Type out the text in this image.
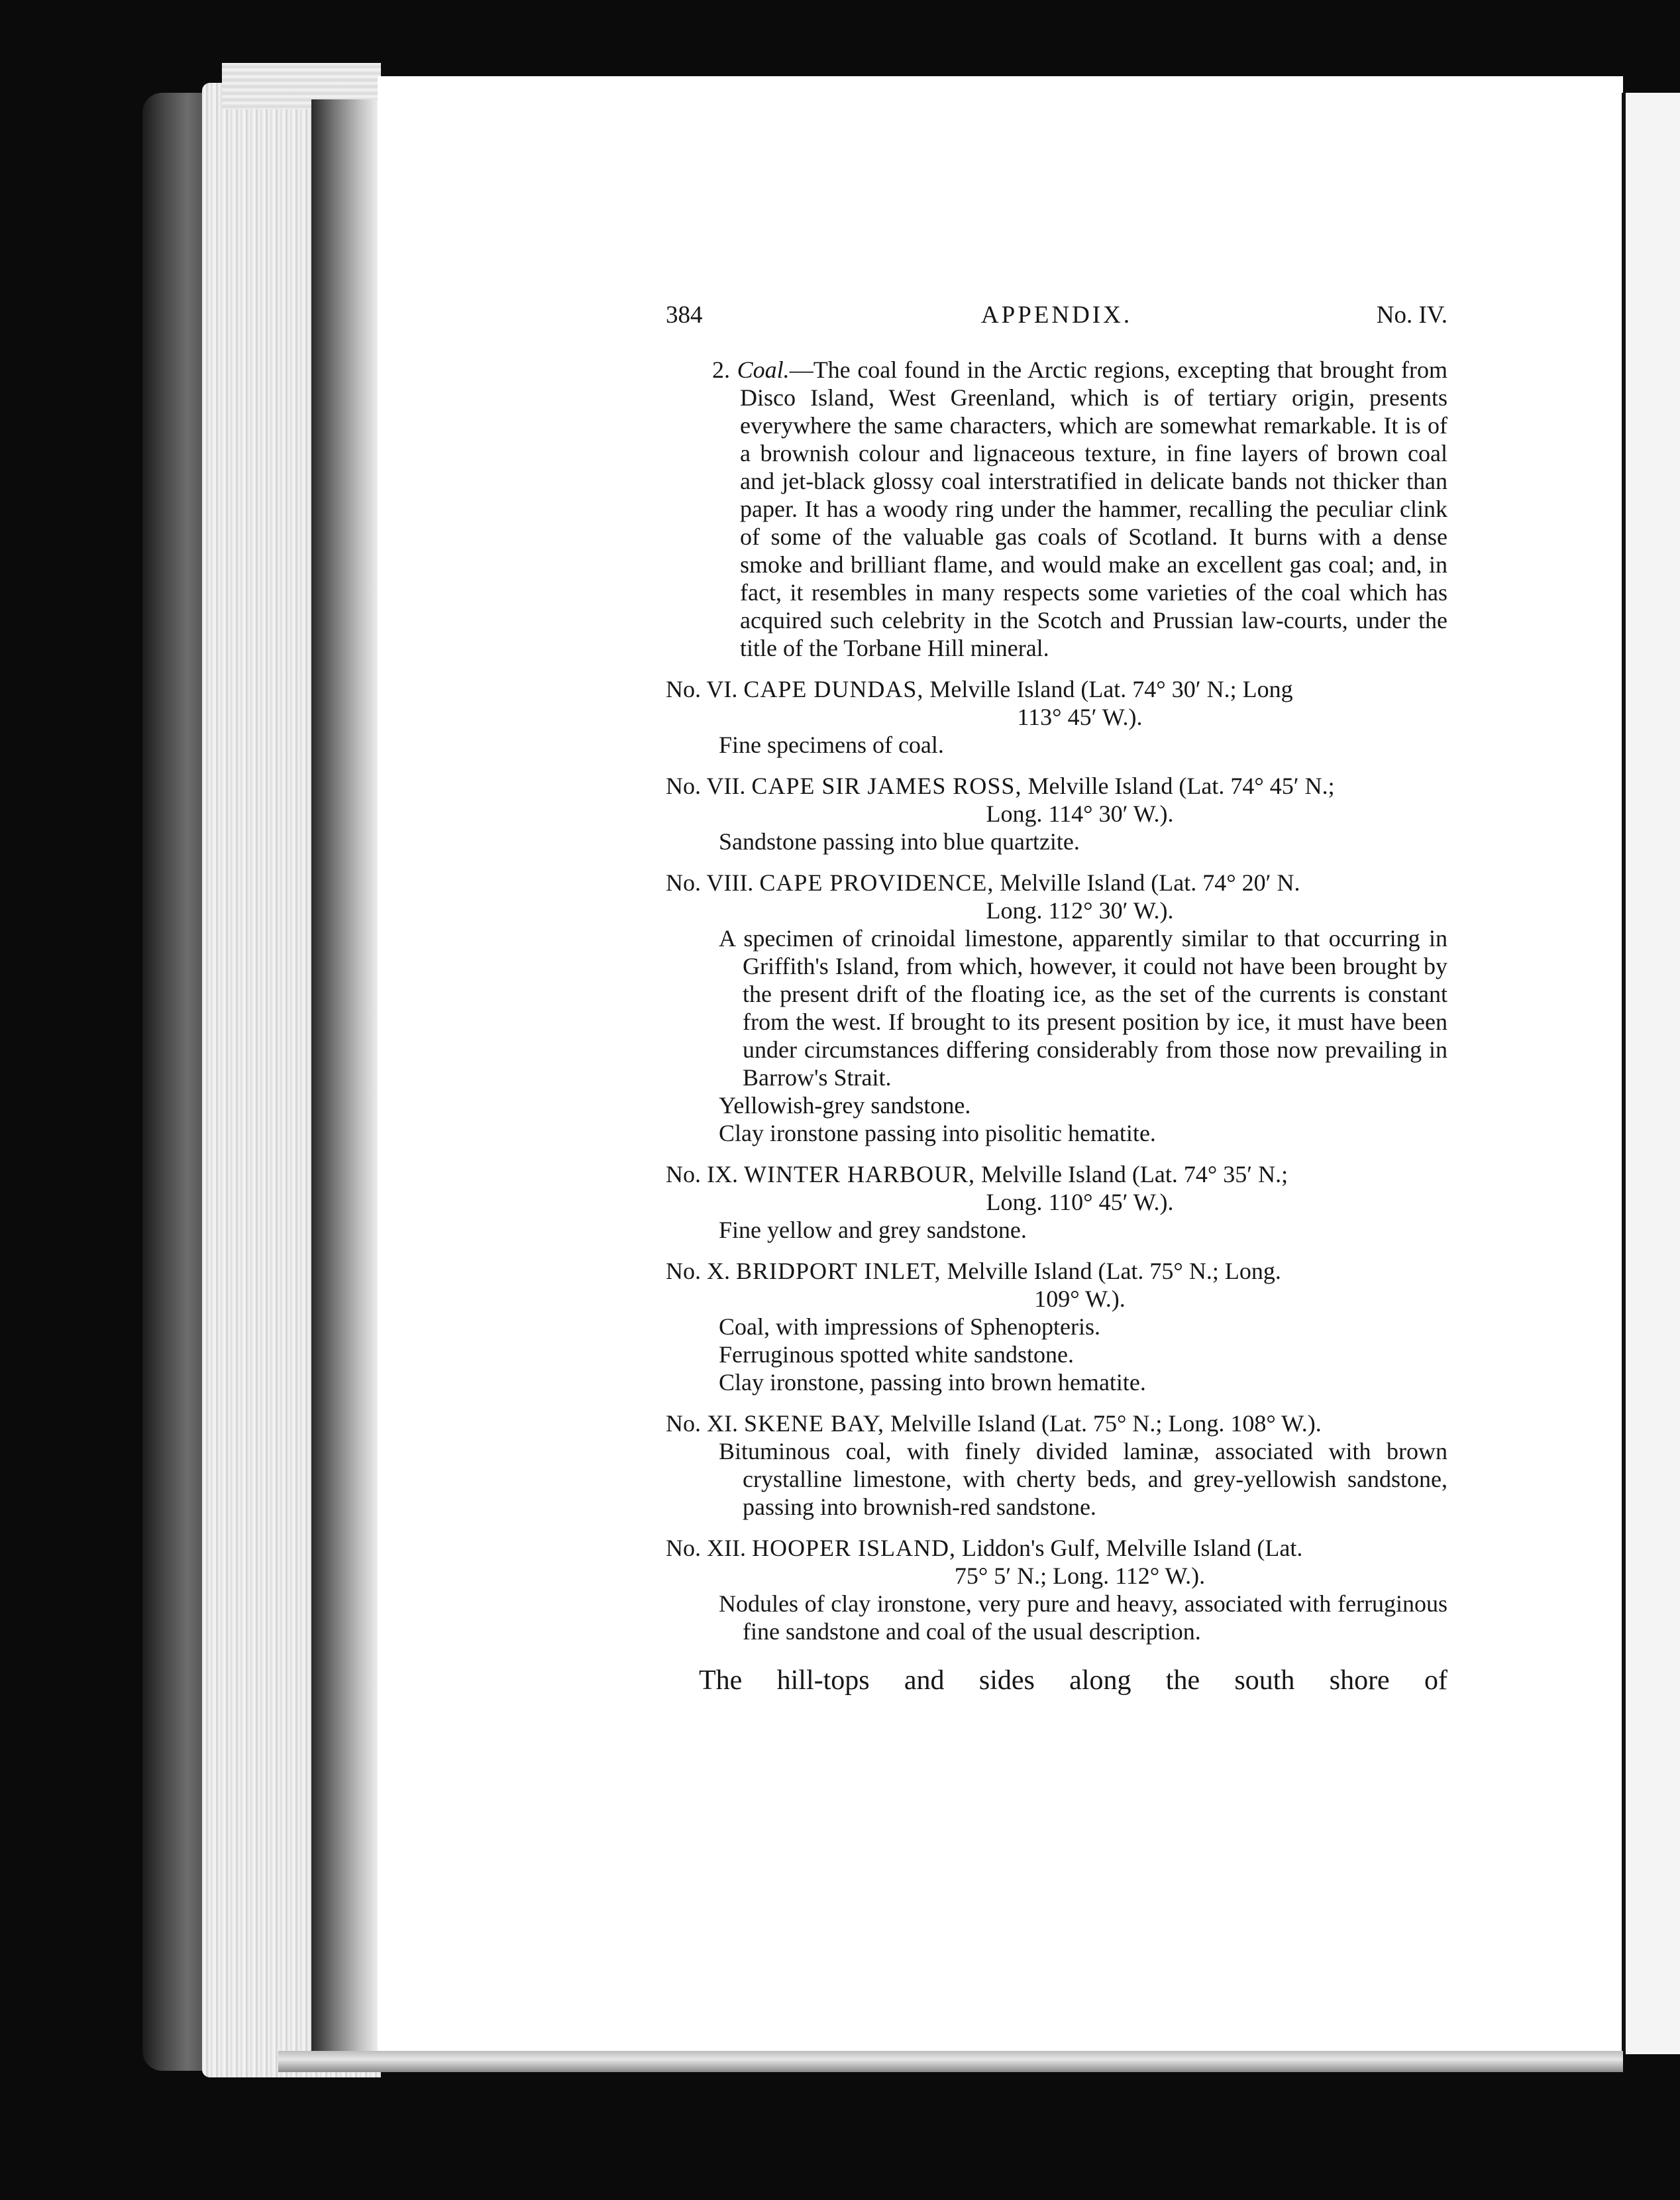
384	APPENDIX.	No. IV.
2. Coal.—The coal found in the Arctic regions, excepting that brought from Disco Island, West Greenland, which is of tertiary origin, presents everywhere the same characters, which are somewhat remarkable. It is of a brownish colour and lignaceous texture, in fine layers of brown coal and jet-black glossy coal interstratified in delicate bands not thicker than paper. It has a woody ring under the hammer, recalling the peculiar clink of some of the valuable gas coals of Scotland. It burns with a dense smoke and brilliant flame, and would make an excellent gas coal; and, in fact, it resembles in many respects some varieties of the coal which has acquired such celebrity in the Scotch and Prussian law-courts, under the title of the Torbane Hill mineral.
No. VI. CAPE DUNDAS, Melville Island (Lat. 74° 30′ N.; Long
113° 45′ W.).
Fine specimens of coal.
No. VII. CAPE SIR JAMES ROSS, Melville Island (Lat. 74° 45′ N.;
Long. 114° 30′ W.).
Sandstone passing into blue quartzite.
No. VIII. CAPE PROVIDENCE, Melville Island (Lat. 74° 20′ N.
Long. 112° 30′ W.).
A specimen of crinoidal limestone, apparently similar to that occurring in Griffith's Island, from which, however, it could not have been brought by the present drift of the floating ice, as the set of the currents is constant from the west. If brought to its present position by ice, it must have been under circumstances differing considerably from those now prevailing in Barrow's Strait.
Yellowish-grey sandstone.
Clay ironstone passing into pisolitic hematite.
No. IX. WINTER HARBOUR, Melville Island (Lat. 74° 35′ N.;
Long. 110° 45′ W.).
Fine yellow and grey sandstone.
No. X. BRIDPORT INLET, Melville Island (Lat. 75° N.; Long.
109° W.).
Coal, with impressions of Sphenopteris.
Ferruginous spotted white sandstone.
Clay ironstone, passing into brown hematite.
No. XI. SKENE BAY, Melville Island (Lat. 75° N.; Long. 108° W.).
Bituminous coal, with finely divided laminæ, associated with brown crystalline limestone, with cherty beds, and grey-yellowish sandstone, passing into brownish-red sandstone.
No. XII. HOOPER ISLAND, Liddon's Gulf, Melville Island (Lat.
75° 5′ N.; Long. 112° W.).
Nodules of clay ironstone, very pure and heavy, associated with ferruginous fine sandstone and coal of the usual description.
The hill-tops and sides along the south shore of
